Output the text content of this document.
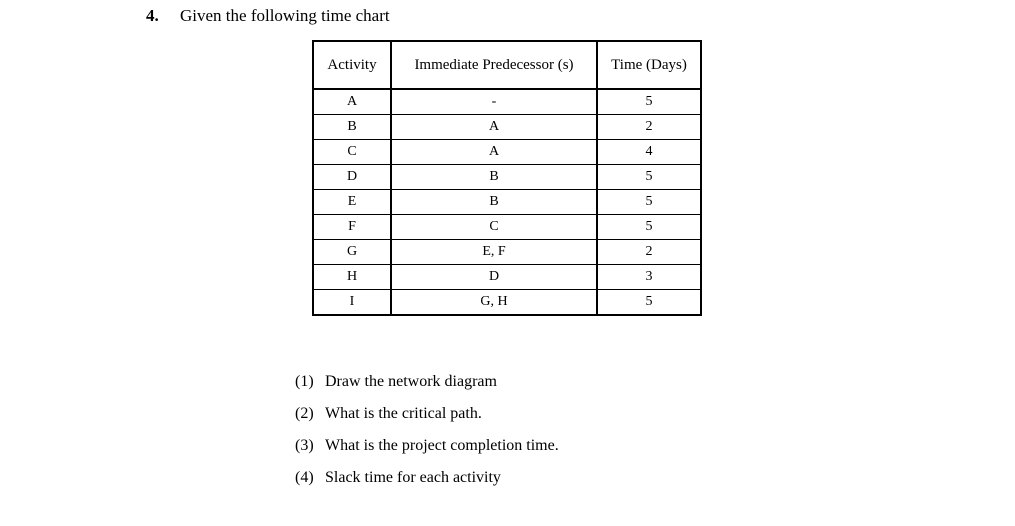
4. Given the following time chart
Activity	Immediate Predecessor (s)	Time (Days)
A	-	5
B	A	2
C	A	4
D	B	5
E	B	5
F	C	5
G	E, F	2
H	D	3
I	G, H	5
(1) Draw the network diagram
(2) What is the critical path.
(3) What is the project completion time.
(4) Slack time for each activity
